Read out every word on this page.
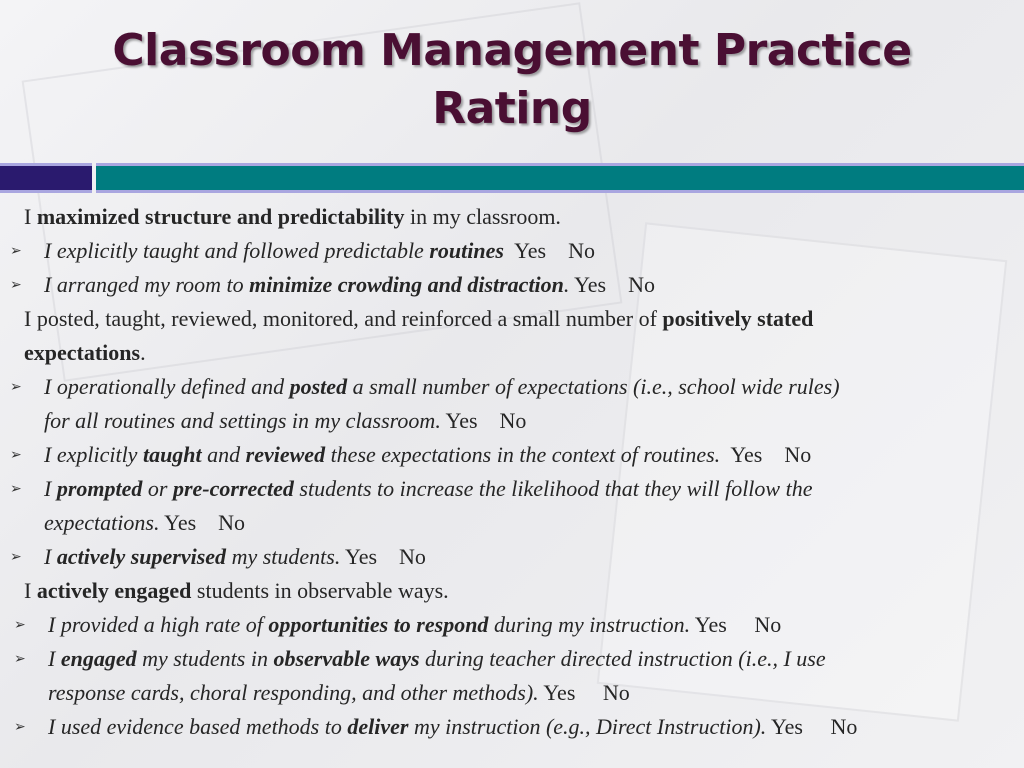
Classroom Management Practice
Rating
I maximized structure and predictability in my classroom.
➢ I explicitly taught and followed predictable routines Yes No
➢ I arranged my room to minimize crowding and distraction. Yes No
I posted, taught, reviewed, monitored, and reinforced a small number of positively stated
expectations.
➢ I operationally defined and posted a small number of expectations (i.e., school wide rules)
for all routines and settings in my classroom. Yes No
➢ I explicitly taught and reviewed these expectations in the context of routines. Yes No
➢ I prompted or pre-corrected students to increase the likelihood that they will follow the
expectations. Yes No
➢ I actively supervised my students. Yes No
I actively engaged students in observable ways.
➢ I provided a high rate of opportunities to respond during my instruction. Yes No
➢ I engaged my students in observable ways during teacher directed instruction (i.e., I use
response cards, choral responding, and other methods). Yes No
➢ I used evidence based methods to deliver my instruction (e.g., Direct Instruction). Yes No
